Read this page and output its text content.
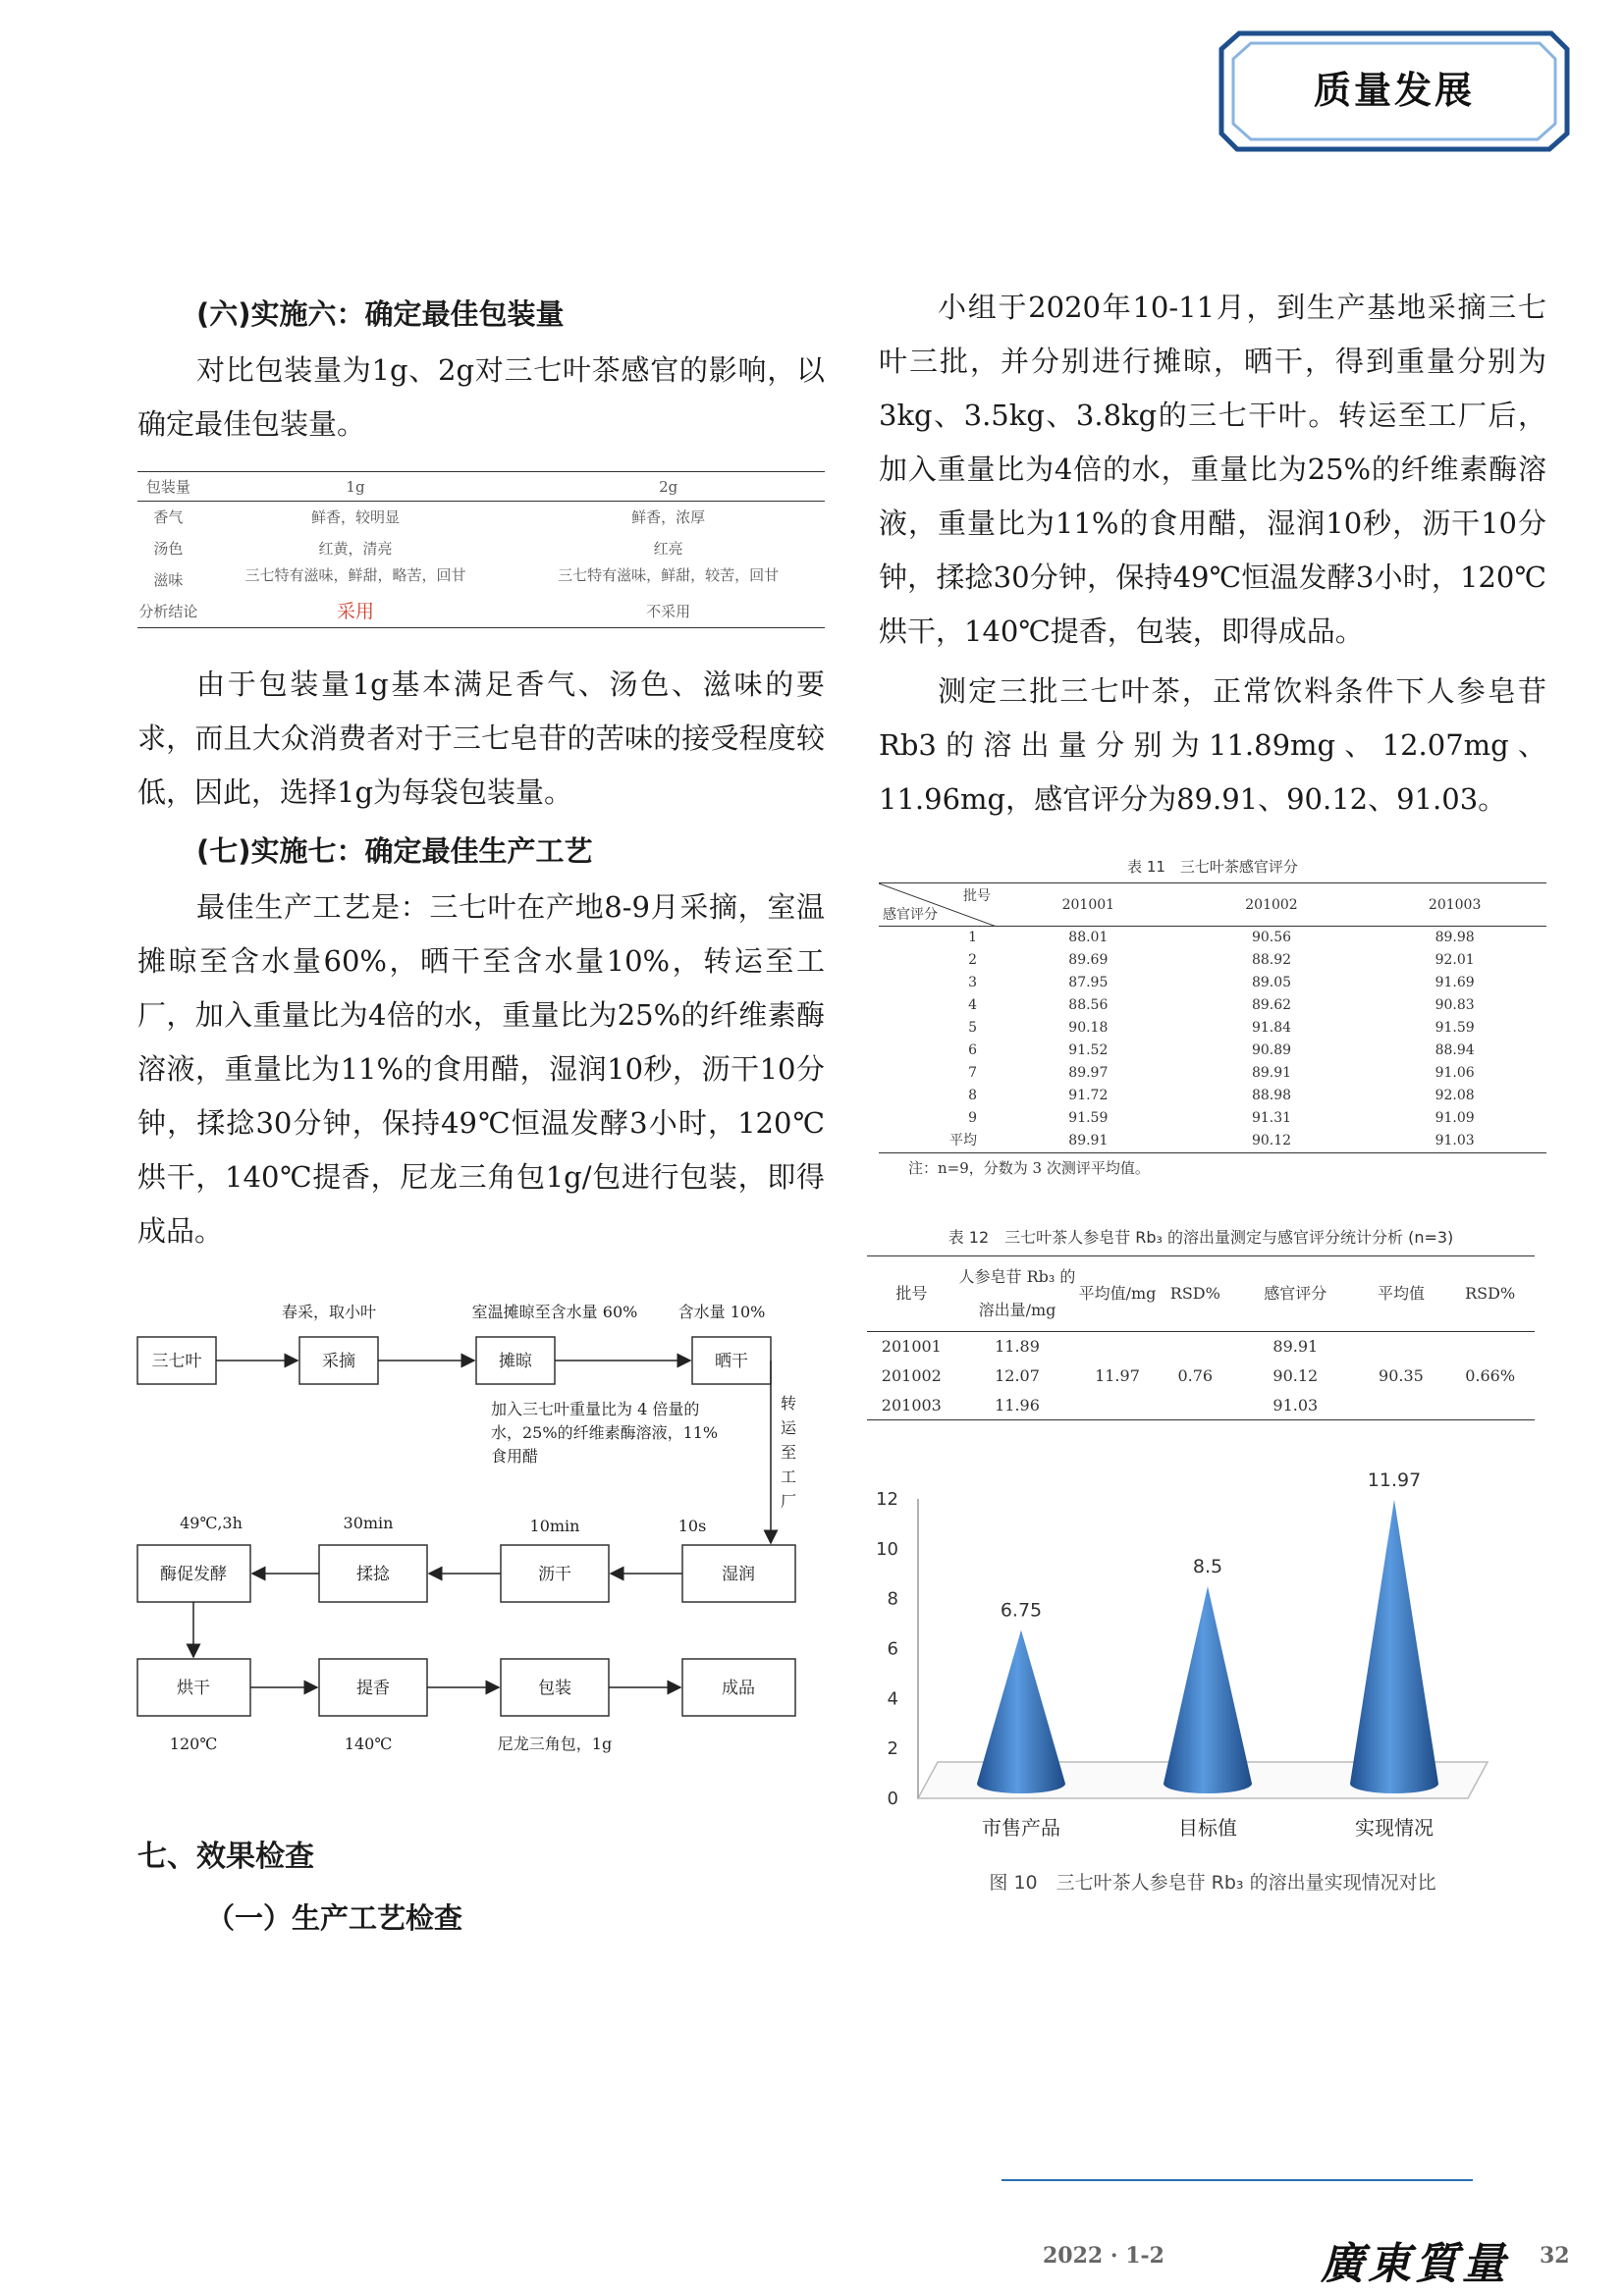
质量发展
(六)实施六：确定最佳包装量

对比包装量为1g、2g对三七叶茶感官的影响，以确定最佳包装量。

包装量	1g	2g
香气	鲜香，较明显	鲜香，浓厚
汤色	红黄，清亮	红亮
滋味	三七特有滋味，鲜甜，略苦，回甘	三七特有滋味，鲜甜，较苦，回甘
分析结论	采用	不采用

由于包装量1g基本满足香气、汤色、滋味的要求，而且大众消费者对于三七皂苷的苦味的接受程度较低，因此，选择1g为每袋包装量。

(七)实施七：确定最佳生产工艺

最佳生产工艺是：三七叶在产地8-9月采摘，室温摊晾至含水量60%，晒干至含水量10%，转运至工厂，加入重量比为4倍的水，重量比为25%的纤维素酶溶液，重量比为11%的食用醋，湿润10秒，沥干10分钟，揉捻30分钟，保持49℃恒温发酵3小时，120℃烘干，140℃提香，尼龙三角包1g/包进行包装，即得成品。

三七叶	采摘	摊晾	晒干
湿润
沥干
揉捻
酶促发酵
烘干	提香	包装	成品
春采，取小叶	室温摊晾至含水量 60%	含水量 10%
49℃,3h	30min	10min	10s
120℃	140℃	尼龙三角包，1g
加入三七叶重量比为 4 倍量的水，25%的纤维素酶溶液，11%食用醋
转运至工厂
七、效果检查
（一）生产工艺检查

小组于2020年10-11月，到生产基地采摘三七叶三批，并分别进行摊晾，晒干，得到重量分别为3kg、3.5kg、3.8kg的三七干叶。转运至工厂后，加入重量比为4倍的水，重量比为25%的纤维素酶溶液，重量比为11%的食用醋，湿润10秒，沥干10分钟，揉捻30分钟，保持49℃恒温发酵3小时，120℃烘干，140℃提香，包装，即得成品。

测定三批三七叶茶，正常饮料条件下人参皂苷Rb3的溶出量分别为11.89mg、12.07mg、11.96mg，感官评分为89.91、90.12、91.03。

表 11　三七叶茶感官评分
批号
感官评分	201001	201002	201003
1	88.01	90.56	89.98
2	89.69	88.92	92.01
3	87.95	89.05	91.69
4	88.56	89.62	90.83
5	90.18	91.84	91.59
6	91.52	90.89	88.94
7	89.97	89.91	91.06
8	91.72	88.98	92.08
9	91.59	91.31	91.09
平均	89.91	90.12	91.03
注：n=9，分数为 3 次测评平均值。
表 12　三七叶茶人参皂苷 Rb₃ 的溶出量测定与感官评分统计分析 (n=3)
批号	人参皂苷 Rb₃ 的溶出量/mg	平均值/mg	RSD%	感官评分	平均值	RSD%
201001	11.89			89.91		
201002	12.07	11.97	0.76	90.12	90.35	0.66%
201003	11.96			91.03		
0
2
4
6
8
10
12
6.75
8.5
11.97
市售产品	目标值	实现情况
图 10　三七叶茶人参皂苷 Rb₃ 的溶出量实现情况对比
2022 · 1-2	廣東質量 32
